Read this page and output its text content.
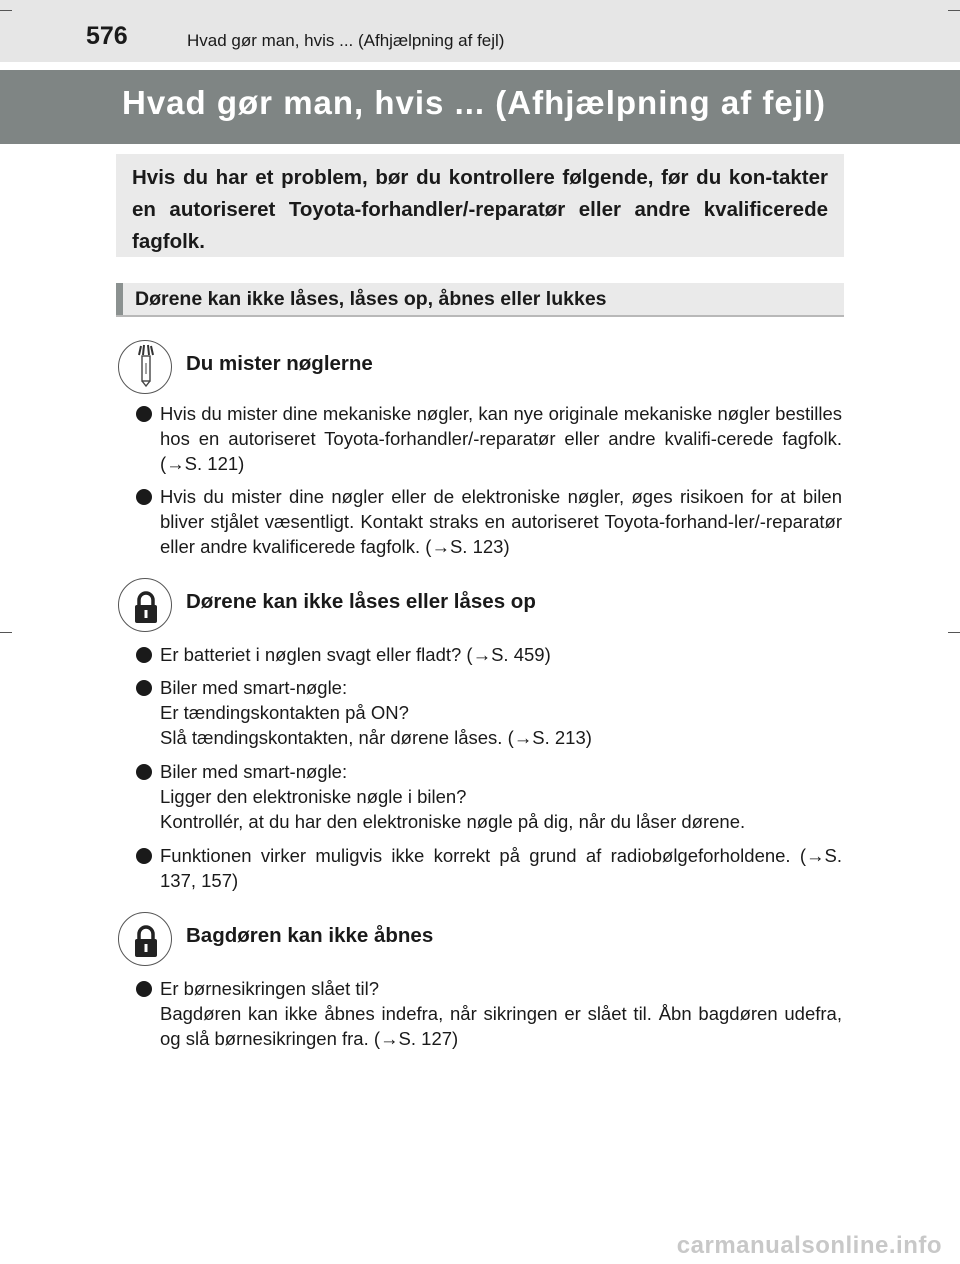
576	Hvad gør man, hvis ... (Afhjælpning af fejl)
Hvad gør man, hvis ... (Afhjælpning af fejl)

Hvis du har et problem, bør du kontrollere følgende, før du kon-takter en autoriseret Toyota-forhandler/-reparatør eller andre kvalificerede fagfolk.

Dørene kan ikke låses, låses op, åbnes eller lukkes
Du mister nøglerne
Hvis du mister dine mekaniske nøgler, kan nye originale mekaniske nøgler bestilles hos en autoriseret Toyota-forhandler/-reparatør eller andre kvalifi-cerede fagfolk. (→S. 121)
Hvis du mister dine nøgler eller de elektroniske nøgler, øges risikoen for at bilen bliver stjålet væsentligt. Kontakt straks en autoriseret Toyota-forhand-ler/-reparatør eller andre kvalificerede fagfolk. (→S. 123)
Dørene kan ikke låses eller låses op
Er batteriet i nøglen svagt eller fladt? (→S. 459)
Biler med smart-nøgle:
Er tændingskontakten på ON?
Slå tændingskontakten, når dørene låses. (→S. 213)
Biler med smart-nøgle:
Ligger den elektroniske nøgle i bilen?
Kontrollér, at du har den elektroniske nøgle på dig, når du låser dørene.
Funktionen virker muligvis ikke korrekt på grund af radiobølgeforholdene. (→S. 137, 157)
Bagdøren kan ikke åbnes
Er børnesikringen slået til?
Bagdøren kan ikke åbnes indefra, når sikringen er slået til. Åbn bagdøren udefra, og slå børnesikringen fra. (→S. 127)
carmanualsonline.info
